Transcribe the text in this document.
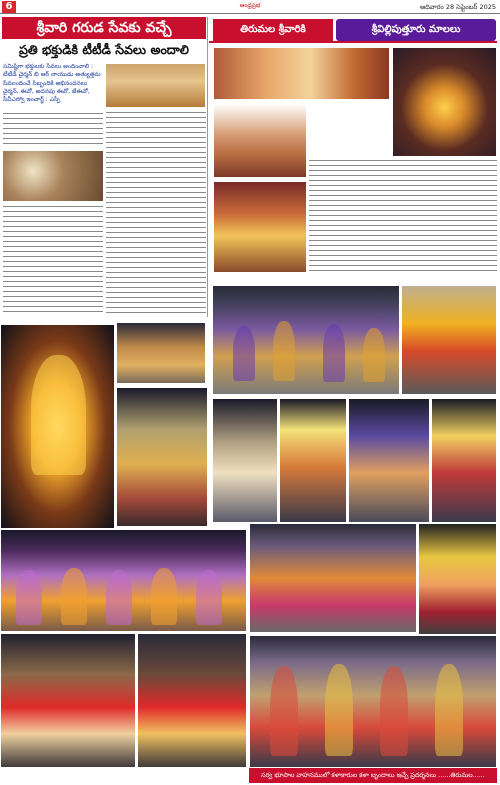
6	ఆంధ్రప్రభ	ఆదివారం 28 సెప్టెంబర్ 2025
శ్రీవారి గరుడ సేవకు వచ్చే
ప్రతి భక్తుడికి టీటీడీ సేవలు అందాలి
సమిష్టిగా భక్తులకు సేవలు అందించాలి : టీటీడీ చైర్మన్ బి ఆర్ నాయుడు అత్యుత్తమ సేవలందించే సిబ్బందికి అభినందనలు చైర్మన్, ఈవో, అదనపు ఈవో, జేఈవో, సీవీఎస్వో ఇంచార్జ్ : ఎస్పీ
తిరుమల శ్రీవారికి	శ్రీవిల్లిపుత్తూరు మాలలు
సర్వ భూపాల వాహనములో కళాకారుల కళా బృందాలు ఇచ్చే ప్రదర్శనలు ......తిరుమల......
